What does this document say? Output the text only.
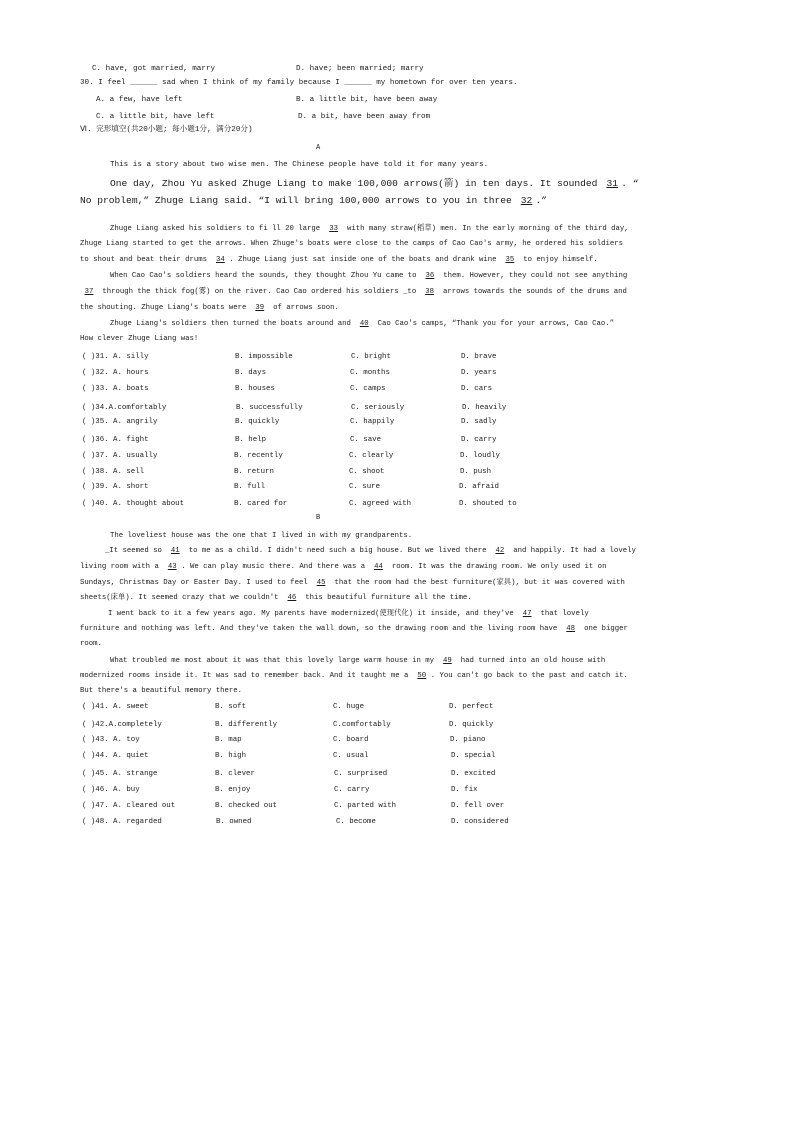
C. have, got married, marry	D. have; been married; marry
30. I feel ______ sad when I think of my family because I ______ my hometown for over ten years.
A. a few, have left	B. a little bit, have been away
C. a little bit, have left	D. a bit, have been away from
Ⅵ. 完形填空(共20小题; 每小题1分, 满分20分)
A
This is a story about two wise men. The Chinese people have told it for many years.
One day, Zhou Yu asked Zhuge Liang to make 100,000 arrows(箭) in ten days. It sounded 31 . “
No problem,” Zhuge Liang said. “I will bring 100,000 arrows to you in three 32 .”
Zhuge Liang asked his soldiers to fi ll 20 large 33 with many straw(稻草) men. In the early morning of the third day,
Zhuge Liang started to get the arrows. When Zhuge's boats were close to the camps of Cao Cao's army, he ordered his soldiers
to shout and beat their drums 34 . Zhuge Liang just sat inside one of the boats and drank wine 35 to enjoy himself.
When Cao Cao's soldiers heard the sounds, they thought Zhou Yu came to 36 them. However, they could not see anything
37 through the thick fog(雾) on the river. Cao Cao ordered his soldiers _to 38 arrows towards the sounds of the drums and
the shouting. Zhuge Liang's boats were 39 of arrows soon.
Zhuge Liang's soldiers then turned the boats around and 40 Cao Cao's camps, “Thank you for your arrows, Cao Cao.”
How clever Zhuge Liang was!
( )31. A. silly	B. impossible	C. bright	D. brave
( )32. A. hours	B. days	C. months	D. years
( )33. A. boats	B. houses	C. camps	D. cars
( )34.A.comfortably	B. successfully	C. seriously	D. heavily
( )35. A. angrily	B. quickly	C. happily	D. sadly
( )36. A. fight	B. help	C. save	D. carry
( )37. A. usually	B. recently	C. clearly	D. loudly
( )38. A. sell	B. return	C. shoot	D. push
( )39. A. short	B. full	C. sure	D. afraid
( )40. A. thought about	B. cared for	C. agreed with	D. shouted to
B
The loveliest house was the one that I lived in with my grandparents.
_It seemed so 41 to me as a child. I didn't need such a big house. But we lived there 42 and happily. It had a lovely
living room with a 43 . We can play music there. And there was a 44 room. It was the drawing room. We only used it on
Sundays, Christmas Day or Easter Day. I used to feel 45 that the room had the best furniture(家具), but it was covered with
sheets(床单). It seemed crazy that we couldn't 46 this beautiful furniture all the time.
I went back to it a few years ago. My parents have modernized(使现代化) it inside, and they've 47 that lovely
furniture and nothing was left. And they've taken the wall down, so the drawing room and the living room have 48 one bigger
room.
What troubled me most about it was that this lovely large warm house in my 49 had turned into an old house with
modernized rooms inside it. It was sad to remember back. And it taught me a 50 . You can't go back to the past and catch it.
But there's a beautiful memory there.
( )41. A. sweet	B. soft	C. huge	D. perfect
( )42.A.completely	B. differently	C.comfortably	D. quickly
( )43. A. toy	B. map	C. board	D. piano
( )44. A. quiet	B. high	C. usual	D. special
( )45. A. strange	B. clever	C. surprised	D. excited
( )46. A. buy	B. enjoy	C. carry	D. fix
( )47. A. cleared out	B. checked out	C. parted with	D. fell over
( )48. A. regarded	B. owned	C. become	D. considered
